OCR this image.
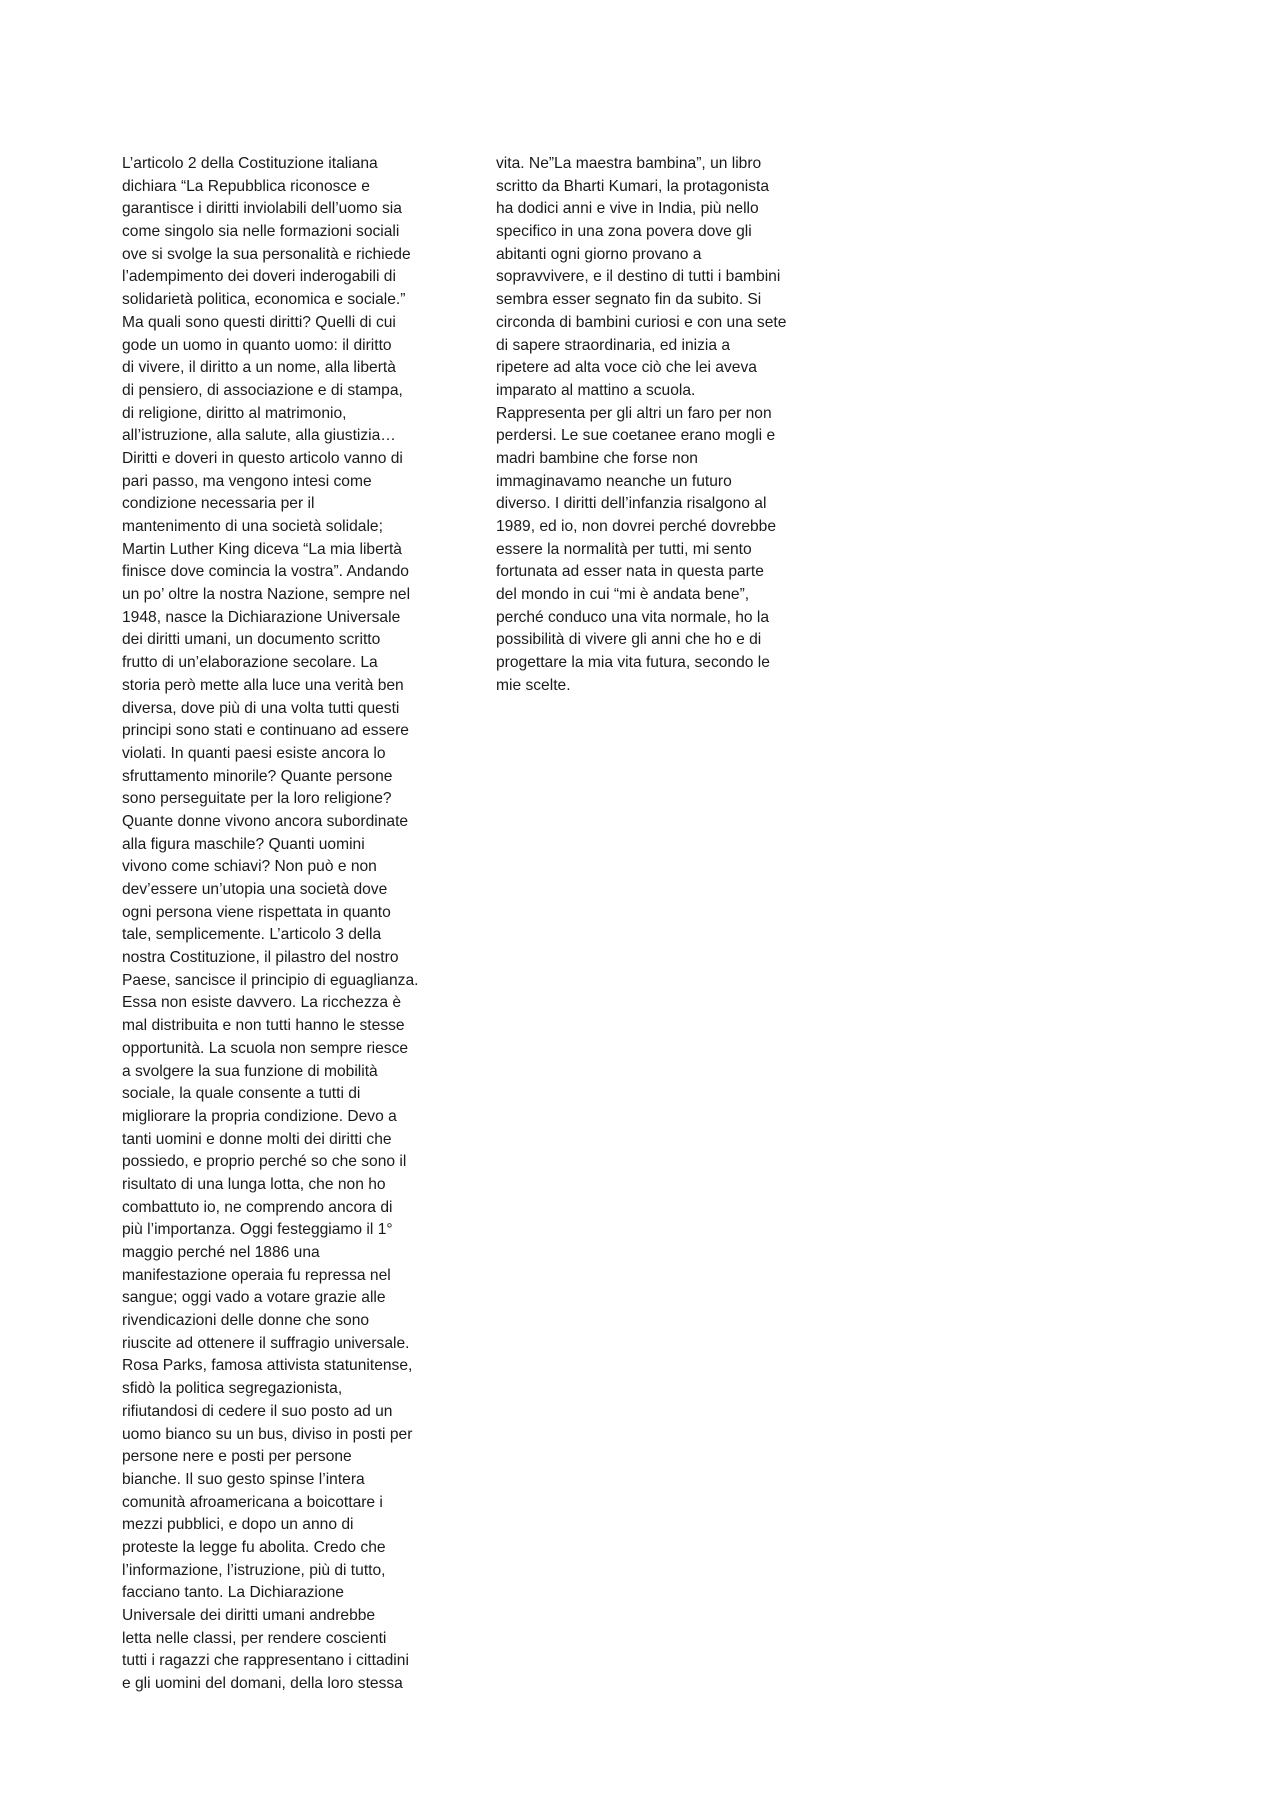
L’articolo 2 della Costituzione italiana
dichiara “La Repubblica riconosce e
garantisce i diritti inviolabili dell’uomo sia
come singolo sia nelle formazioni sociali
ove si svolge la sua personalità e richiede
l’adempimento dei doveri inderogabili di
solidarietà politica, economica e sociale.”
Ma quali sono questi diritti? Quelli di cui
gode un uomo in quanto uomo: il diritto
di vivere, il diritto a un nome, alla libertà
di pensiero, di associazione e di stampa,
di religione, diritto al matrimonio,
all’istruzione, alla salute, alla giustizia…
Diritti e doveri in questo articolo vanno di
pari passo, ma vengono intesi come
condizione necessaria per il
mantenimento di una società solidale;
Martin Luther King diceva “La mia libertà
finisce dove comincia la vostra”. Andando
un po’ oltre la nostra Nazione, sempre nel
1948, nasce la Dichiarazione Universale
dei diritti umani, un documento scritto
frutto di un’elaborazione secolare. La
storia però mette alla luce una verità ben
diversa, dove più di una volta tutti questi
principi sono stati e continuano ad essere
violati. In quanti paesi esiste ancora lo
sfruttamento minorile? Quante persone
sono perseguitate per la loro religione?
Quante donne vivono ancora subordinate
alla figura maschile? Quanti uomini
vivono come schiavi? Non può e non
dev’essere un’utopia una società dove
ogni persona viene rispettata in quanto
tale, semplicemente. L’articolo 3 della
nostra Costituzione, il pilastro del nostro
Paese, sancisce il principio di eguaglianza.
Essa non esiste davvero. La ricchezza è
mal distribuita e non tutti hanno le stesse
opportunità. La scuola non sempre riesce
a svolgere la sua funzione di mobilità
sociale, la quale consente a tutti di
migliorare la propria condizione. Devo a
tanti uomini e donne molti dei diritti che
possiedo, e proprio perché so che sono il
risultato di una lunga lotta, che non ho
combattuto io, ne comprendo ancora di
più l’importanza. Oggi festeggiamo il 1°
maggio perché nel 1886 una
manifestazione operaia fu repressa nel
sangue; oggi vado a votare grazie alle
rivendicazioni delle donne che sono
riuscite ad ottenere il suffragio universale.
Rosa Parks, famosa attivista statunitense,
sfidò la politica segregazionista,
rifiutandosi di cedere il suo posto ad un
uomo bianco su un bus, diviso in posti per
persone nere e posti per persone
bianche. Il suo gesto spinse l’intera
comunità afroamericana a boicottare i
mezzi pubblici, e dopo un anno di
proteste la legge fu abolita. Credo che
l’informazione, l’istruzione, più di tutto,
facciano tanto. La Dichiarazione
Universale dei diritti umani andrebbe
letta nelle classi, per rendere coscienti
tutti i ragazzi che rappresentano i cittadini
e gli uomini del domani, della loro stessa
vita. Ne”La maestra bambina”, un libro
scritto da Bharti Kumari, la protagonista
ha dodici anni e vive in India, più nello
specifico in una zona povera dove gli
abitanti ogni giorno provano a
sopravvivere, e il destino di tutti i bambini
sembra esser segnato fin da subito. Si
circonda di bambini curiosi e con una sete
di sapere straordinaria, ed inizia a
ripetere ad alta voce ciò che lei aveva
imparato al mattino a scuola.
Rappresenta per gli altri un faro per non
perdersi. Le sue coetanee erano mogli e
madri bambine che forse non
immaginavamo neanche un futuro
diverso. I diritti dell’infanzia risalgono al
1989, ed io, non dovrei perché dovrebbe
essere la normalità per tutti, mi sento
fortunata ad esser nata in questa parte
del mondo in cui “mi è andata bene”,
perché conduco una vita normale, ho la
possibilità di vivere gli anni che ho e di
progettare la mia vita futura, secondo le
mie scelte.
